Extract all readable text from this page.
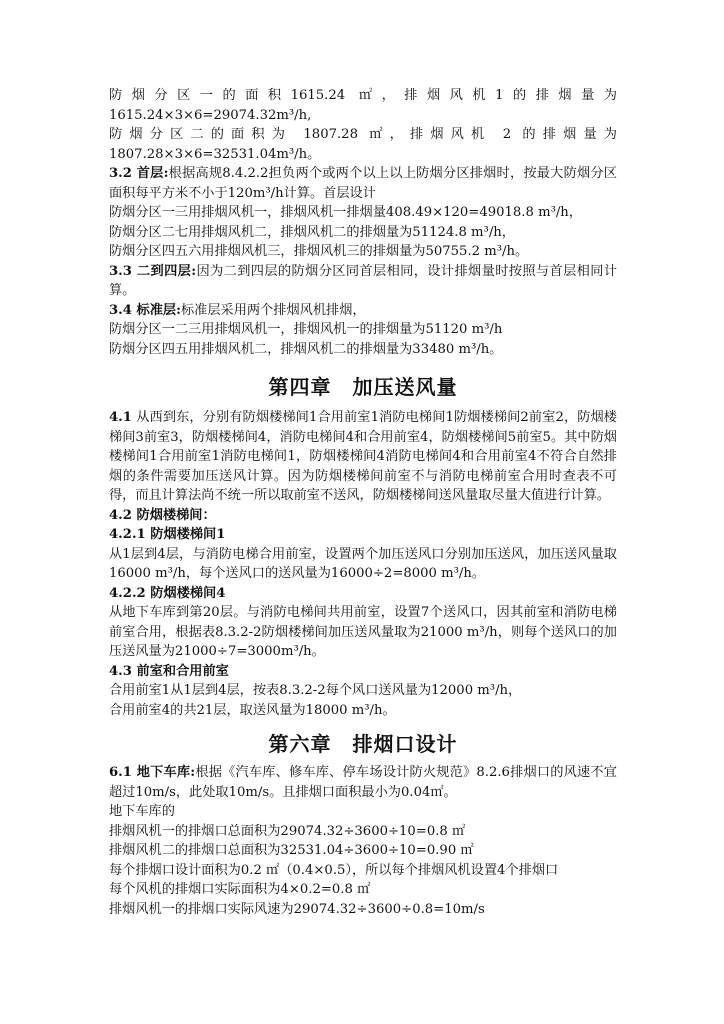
防烟分区一的面积1615.24 ㎡，排烟风机1的排烟量为1615.24×3×6=29074.32m³/h,
防烟分区二的面积为 1807.28 ㎡，排烟风机 2 的排烟量为 1807.28×3×6=32531.04m³/h。
3.2 首层:根据高规8.4.2.2担负两个或两个以上以上防烟分区排烟时，按最大防烟分区面积每平方米不小于120m³/h计算。首层设计
防烟分区一三用排烟风机一，排烟风机一排烟量408.49×120=49018.8 m³/h，
防烟分区二七用排烟风机二，排烟风机二的排烟量为51124.8 m³/h，
防烟分区四五六用排烟风机三，排烟风机三的排烟量为50755.2 m³/h。
3.3 二到四层:因为二到四层的防烟分区同首层相同，设计排烟量时按照与首层相同计算。
3.4 标准层:标准层采用两个排烟风机排烟，
防烟分区一二三用排烟风机一，排烟风机一的排烟量为51120 m³/h
防烟分区四五用排烟风机二，排烟风机二的排烟量为33480 m³/h。
第四章　加压送风量
4.1 从西到东，分别有防烟楼梯间1合用前室1消防电梯间1防烟楼梯间2前室2，防烟楼梯间3前室3，防烟楼梯间4，消防电梯间4和合用前室4，防烟楼梯间5前室5。其中防烟楼梯间1合用前室1消防电梯间1，防烟楼梯间4消防电梯间4和合用前室4不符合自然排烟的条件需要加压送风计算。因为防烟楼梯间前室不与消防电梯前室合用时查表不可得，而且计算法尚不统一所以取前室不送风，防烟楼梯间送风量取尽量大值进行计算。
4.2 防烟楼梯间：
4.2.1 防烟楼梯间1
从1层到4层，与消防电梯合用前室，设置两个加压送风口分别加压送风，加压送风量取16000 m³/h，每个送风口的送风量为16000÷2=8000 m³/h。
4.2.2 防烟楼梯间4
从地下车库到第20层。与消防电梯间共用前室，设置7个送风口，因其前室和消防电梯前室合用，根据表8.3.2-2防烟楼梯间加压送风量取为21000 m³/h，则每个送风口的加压送风量为21000÷7=3000m³/h。
4.3 前室和合用前室
合用前室1从1层到4层，按表8.3.2-2每个风口送风量为12000 m³/h，
合用前室4的共21层，取送风量为18000 m³/h。
第六章　排烟口设计
6.1 地下车库:根据《汽车库、修车库、停车场设计防火规范》8.2.6排烟口的风速不宜超过10m/s，此处取10m/s。且排烟口面积最小为0.04㎡。
地下车库的
排烟风机一的排烟口总面积为29074.32÷3600÷10=0.8 ㎡
排烟风机二的排烟口总面积为32531.04÷3600÷10=0.90 ㎡
每个排烟口设计面积为0.2 ㎡（0.4×0.5），所以每个排烟风机设置4个排烟口
每个风机的排烟口实际面积为4×0.2=0.8 ㎡
排烟风机一的排烟口实际风速为29074.32÷3600÷0.8=10m/s
